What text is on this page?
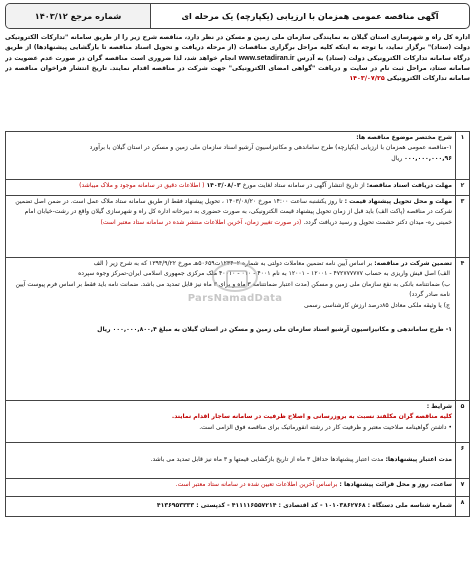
آگهی مناقصه عمومی همزمان با ارزیابی (یکپارچه) یک مرحله ای
شماره مرجع ۱۴۰۳/۱۲
اداره کل راه و شهرسازی استان گیلان به نمایندگی سازمان ملی زمین و مسکن در نظر دارد، مناقصه شرح زیر را از طریق سامانه "تدارکات الکترونیکی دولت (ستاد)" برگزار نماید، با توجه به اینکه کلیه مراحل برگزاری مناقصات (از مرحله دریافت و تحویل اسناد مناقصه تا بازگشایی پیشنهادها) از طریق درگاه سامانه تدارکات الکترونیکی دولت (ستاد) به آدرس www.setadiran.ir انجام خواهد شد، لذا ضروری است مناقصه گران در صورت عدم عضویت در سامانه ستاد، مراحل ثبت نام در سایت و دریافت "گواهی امضای الکترونیکی" جهت شرکت در مناقصه اقدام نمایند. تاریخ انتشار فراخوان مناقصه در سامانه تدارکات الکترونیکی ۱۴۰۳/۰۷/۲۵
۱	شرح مختصر موضوع مناقصه ها:
۱-مناقصه عمومی همزمان با ارزیابی (یکپارچه) طرح ساماندهی و مکانیزاسیون آرشیو اسناد سازمان ملی زمین و مسکن در استان گیلان با برآورد
۰۰۰,۰۰۰,۰۰۰,۹۶ ریال

۲	مهلت دریافت اسناد مناقصه: از تاریخ انتشار آگهی در سامانه ستاد لغایت مورخ ۱۴۰۳/۰۸/۰۳ ( اطلاعات دقیق در سامانه موجود و ملاک میباشد)
۳	مهلت و محل تحویل پیشنهاد قیمت : تا روز یکشنبه ساعت ۱۴:۰۰ مورخ ۱۴۰۳/۰۸/۲۰ ، تحویل پیشنهاد فقط از طریق سامانه ستاد ملاک عمل است. در ضمن اصل تضمین شرکت در مناقصه (پاکت الف) باید قبل از زمان تحویل پیشنهاد قیمت الکترونیکی، به صورت حضوری به دبیرخانه اداره کل راه و شهرسازی گیلان واقع در رشت-خیابان امام خمینی ره- میدان دکتر حشمت تحویل و رسید دریافت گردد. (در صورت تغییر زمان، آخرین اطلاعات منتشر شده در سامانه ستاد معتبر است)
۴	تضمین شرکت در مناقصه: بر اساس آیین نامه تضمین معاملات دولتی به شماره ۱۲۳۴۰۲ت۵۰۶۵۹هـ مورخ ۱۳۹۴/۹/۲۲ که به شرح زیر ( الف
الف) اصل فیش واریزی به حساب ۴۷۲۷۷۷۷۷۷ - ۱۲۰۰۱ - ۱۲۰۰۱ به نام ۴۰۰۱ - ۰۱۰ - ۴۰۰۱۰ ملک مرکزی جمهوری اسلامی ایران-تمرکز وجوه سپرده
ب) ضمانتنامه بانکی به نفع سازمان ملی زمین و مسکن (مدت اعتبار ضمانتنامه ۳ ماه و برای ۳ ماه نیز قابل تمدید می باشد. ضمانت نامه باید فقط بر اساس فرم پیوست آیین نامه صادر گردد)
ج) یا وثیقه ملکی معادل ۸۵درصد ارزش کارشناسی رسمی
۱- طرح ساماندهی و مکانیزاسیون آرشیو اسناد سازمان ملی زمین و مسکن در استان گیلان به مبلغ ۰۰۰,۰۰۰,۸۰۰,۴ ریال

۵	شرایط :
کلیه مناقصه گران مکلفند نسبت به بروزرسانی و اصلاح ظرفیت در سامانه ساجار اقدام نمایند.
• داشتن گواهینامه صلاحیت معتبر و ظرفیت کار در رشته انفورماتیک برای مناقصه فوق الزامی است.

۶	مدت اعتبار پیشنهادها: مدت اعتبار پیشنهادها حداقل ۳ ماه از تاریخ بازگشایی قیمتها و ۳ ماه نیز قابل تمدید می باشد.
۷	ساعت، روز و محل قرائت پیشنهادها : براساس آخرین اطلاعات تعیین شده در سامانه ستاد معتبر است.
۸	شماره شناسه ملی دستگاه : ۱۰۱۰۳۸۶۲۷۶۸ - کد اقتصادی : ۴۱۱۱۱۶۵۵۷۲۱۴ - کدپستی : ۴۱۳۶۹۵۳۳۳۳
ParsNamadData
